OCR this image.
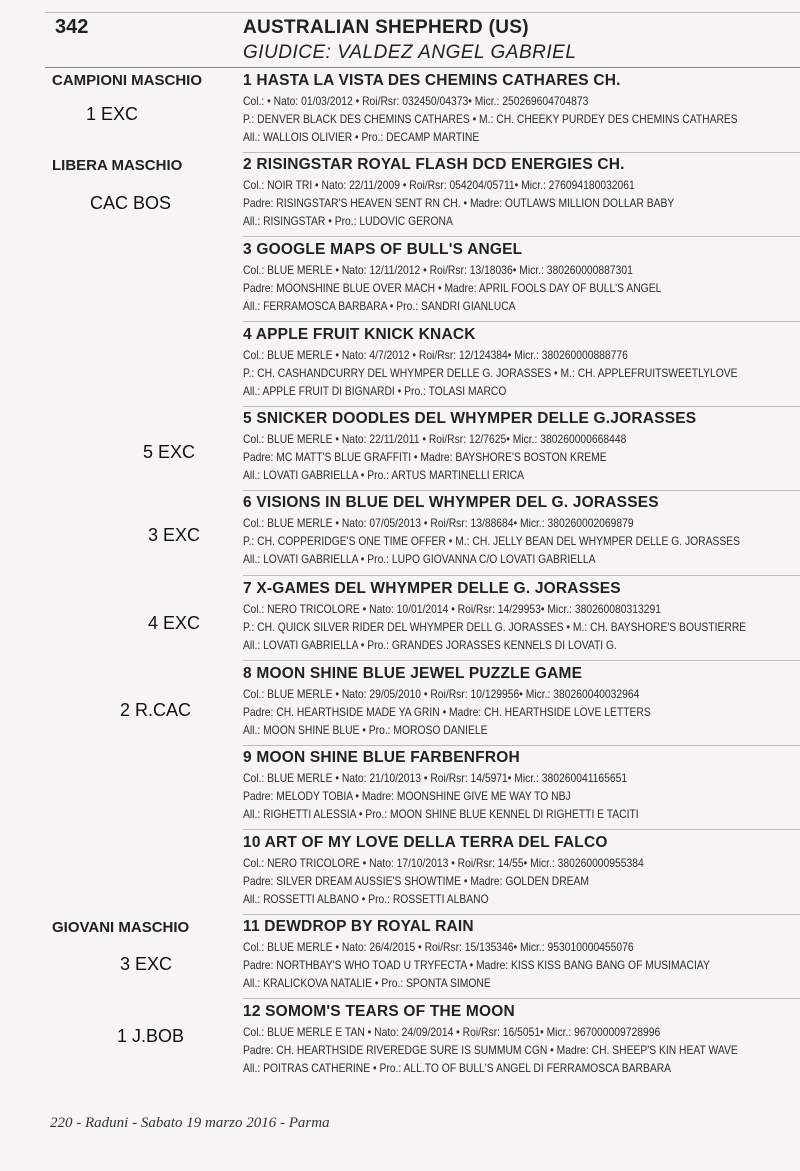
342	AUSTRALIAN SHEPHERD (US)
GIUDICE: VALDEZ ANGEL GABRIEL
CAMPIONI MASCHIO
LIBERA MASCHIO
GIOVANI MASCHIO
1 EXC
CAC BOS
5 EXC
3 EXC
4 EXC
2 R.CAC
3 EXC
1 J.BOB
1 HASTA LA VISTA DES CHEMINS CATHARES CH.
Col.: • Nato: 01/03/2012 • Roi/Rsr: 032450/04373• Micr.: 250269604704873
P.: DENVER BLACK DES CHEMINS CATHARES • M.: CH. CHEEKY PURDEY DES CHEMINS CATHARES
All.: WALLOIS OLIVIER • Pro.: DECAMP MARTINE
2 RISINGSTAR ROYAL FLASH DCD ENERGIES CH.
Col.: NOIR TRI • Nato: 22/11/2009 • Roi/Rsr: 054204/05711• Micr.: 276094180032061
Padre: RISINGSTAR'S HEAVEN SENT RN CH. • Madre: OUTLAWS MILLION DOLLAR BABY
All.: RISINGSTAR • Pro.: LUDOVIC GERONA
3 GOOGLE MAPS OF BULL'S ANGEL
Col.: BLUE MERLE • Nato: 12/11/2012 • Roi/Rsr: 13/18036• Micr.: 380260000887301
Padre: MOONSHINE BLUE OVER MACH • Madre: APRIL FOOLS DAY OF BULL'S ANGEL
All.: FERRAMOSCA BARBARA • Pro.: SANDRI GIANLUCA
4 APPLE FRUIT KNICK KNACK
Col.: BLUE MERLE • Nato: 4/7/2012 • Roi/Rsr: 12/124384• Micr.: 380260000888776
P.: CH. CASHANDCURRY DEL WHYMPER DELLE G. JORASSES • M.: CH. APPLEFRUITSWEETLYLOVE
All.: APPLE FRUIT DI BIGNARDI • Pro.: TOLASI MARCO
5 SNICKER DOODLES DEL WHYMPER DELLE G.JORASSES
Col.: BLUE MERLE • Nato: 22/11/2011 • Roi/Rsr: 12/7625• Micr.: 380260000668448
Padre: MC MATT'S BLUE GRAFFITI • Madre: BAYSHORE'S BOSTON KREME
All.: LOVATI GABRIELLA • Pro.: ARTUS MARTINELLI ERICA
6 VISIONS IN BLUE DEL WHYMPER DEL G. JORASSES
Col.: BLUE MERLE • Nato: 07/05/2013 • Roi/Rsr: 13/88684• Micr.: 380260002069879
P.: CH. COPPERIDGE'S ONE TIME OFFER • M.: CH. JELLY BEAN DEL WHYMPER DELLE G. JORASSES
All.: LOVATI GABRIELLA • Pro.: LUPO GIOVANNA C/O LOVATI GABRIELLA
7 X-GAMES DEL WHYMPER DELLE G. JORASSES
Col.: NERO TRICOLORE • Nato: 10/01/2014 • Roi/Rsr: 14/29953• Micr.: 380260080313291
P.: CH. QUICK SILVER RIDER DEL WHYMPER DELL G. JORASSES • M.: CH. BAYSHORE'S BOUSTIERRE
All.: LOVATI GABRIELLA • Pro.: GRANDES JORASSES KENNELS DI LOVATI G.
8 MOON SHINE BLUE JEWEL PUZZLE GAME
Col.: BLUE MERLE • Nato: 29/05/2010 • Roi/Rsr: 10/129956• Micr.: 380260040032964
Padre: CH. HEARTHSIDE MADE YA GRIN • Madre: CH. HEARTHSIDE LOVE LETTERS
All.: MOON SHINE BLUE • Pro.: MOROSO DANIELE
9 MOON SHINE BLUE FARBENFROH
Col.: BLUE MERLE • Nato: 21/10/2013 • Roi/Rsr: 14/5971• Micr.: 380260041165651
Padre: MELODY TOBIA • Madre: MOONSHINE GIVE ME WAY TO NBJ
All.: RIGHETTI ALESSIA • Pro.: MOON SHINE BLUE KENNEL DI RIGHETTI E TACITI
10 ART OF MY LOVE DELLA TERRA DEL FALCO
Col.: NERO TRICOLORE • Nato: 17/10/2013 • Roi/Rsr: 14/55• Micr.: 380260000955384
Padre: SILVER DREAM AUSSIE'S SHOWTIME • Madre: GOLDEN DREAM
All.: ROSSETTI ALBANO • Pro.: ROSSETTI ALBANO
11 DEWDROP BY ROYAL RAIN
Col.: BLUE MERLE • Nato: 26/4/2015 • Roi/Rsr: 15/135346• Micr.: 953010000455076
Padre: NORTHBAY'S WHO TOAD U TRYFECTA • Madre: KISS KISS BANG BANG OF MUSIMACIAY
All.: KRALICKOVA NATALIE • Pro.: SPONTA SIMONE
12 SOMOM'S TEARS OF THE MOON
Col.: BLUE MERLE E TAN • Nato: 24/09/2014 • Roi/Rsr: 16/5051• Micr.: 967000009728996
Padre: CH. HEARTHSIDE RIVEREDGE SURE IS SUMMUM CGN • Madre: CH. SHEEP'S KIN HEAT WAVE
All.: POITRAS CATHERINE • Pro.: ALL.TO OF BULL'S ANGEL DI FERRAMOSCA BARBARA
220 - Raduni - Sabato 19 marzo 2016 - Parma
